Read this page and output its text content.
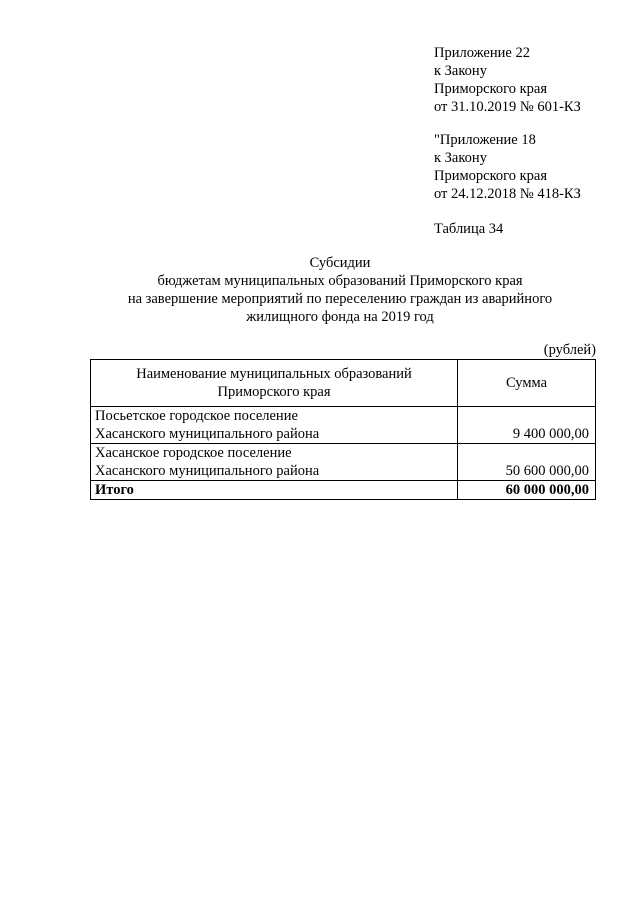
Приложение 22
к Закону
Приморского края
от 31.10.2019 № 601-КЗ
"Приложение 18
к Закону
Приморского края
от 24.12.2018 № 418-КЗ
Таблица 34
Субсидии
бюджетам муниципальных образований Приморского края
на завершение мероприятий по переселению граждан из аварийного
жилищного фонда на 2019 год
(рублей)
Наименование муниципальных образований
Приморского края	Сумма

Посьетское городское поселение
Хасанского муниципального района	9 400 000,00

Хасанское городское поселение
Хасанского муниципального района	50 600 000,00
Итого	60 000 000,00
